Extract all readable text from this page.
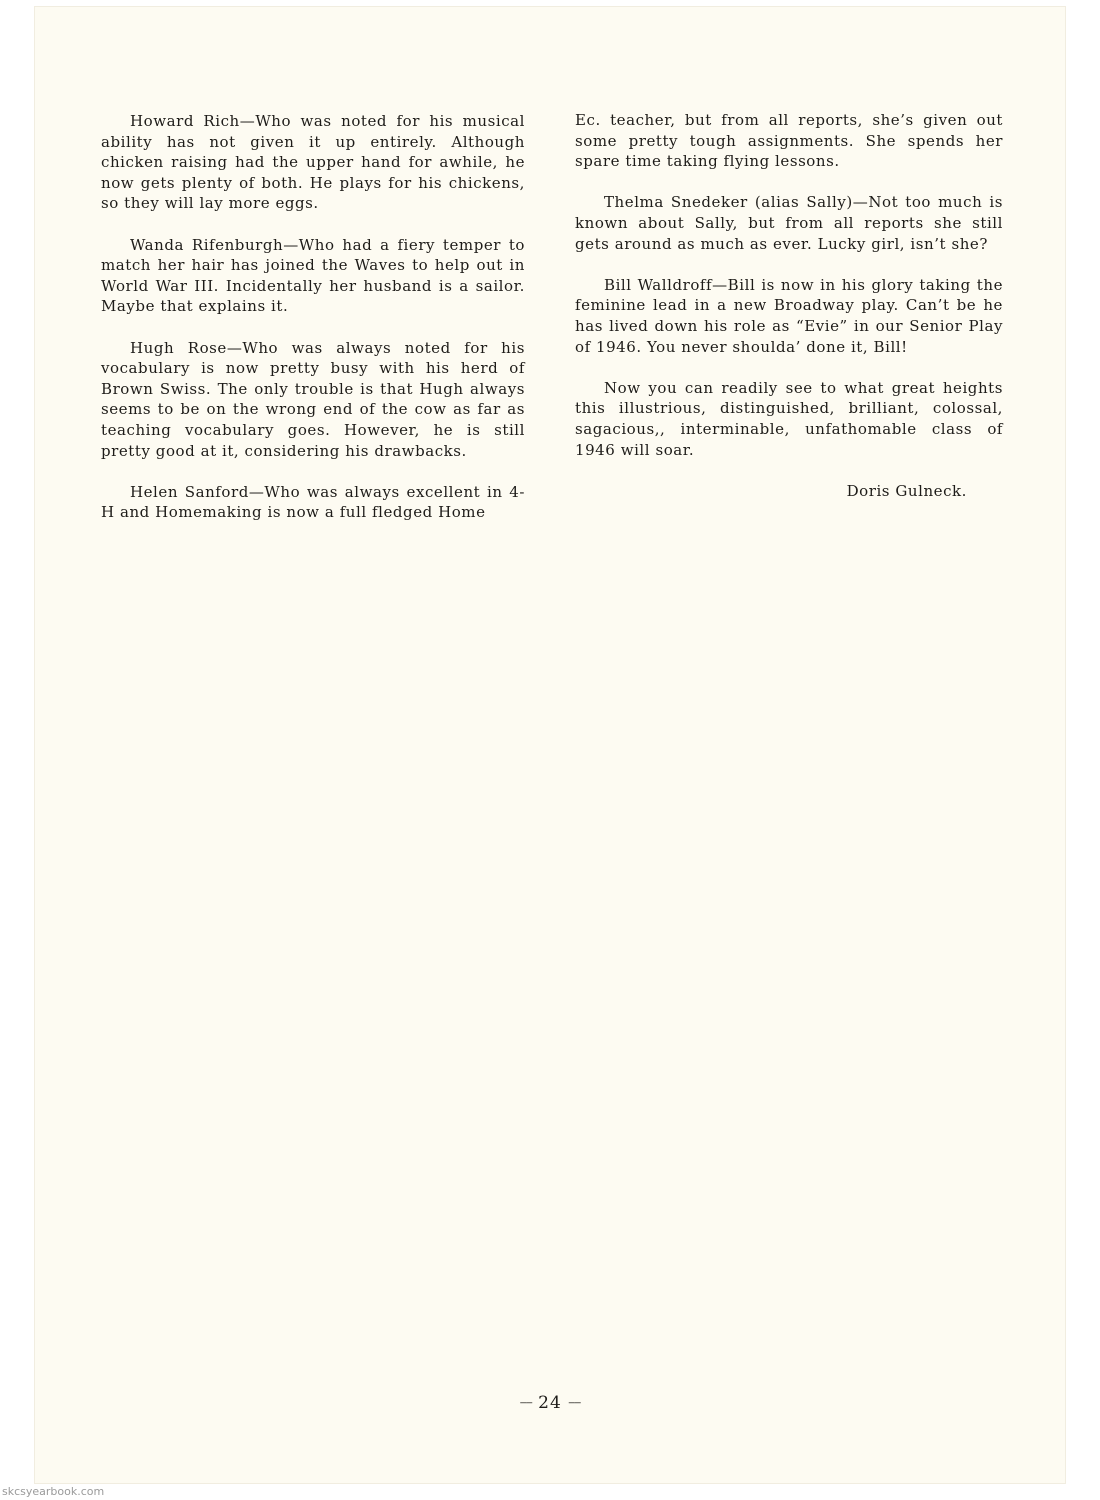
Howard Rich—Who was noted for his musical ability has not given it up entirely. Although chicken raising had the upper hand for awhile, he now gets plenty of both. He plays for his chickens, so they will lay more eggs.

Wanda Rifenburgh—Who had a fiery temper to match her hair has joined the Waves to help out in World War III. Incidentally her husband is a sailor. Maybe that explains it.

Hugh Rose—Who was always noted for his vocabulary is now pretty busy with his herd of Brown Swiss. The only trouble is that Hugh always seems to be on the wrong end of the cow as far as teaching vocabulary goes. However, he is still pretty good at it, considering his drawbacks.

Helen Sanford—Who was always excellent in 4-H and Homemaking is now a full fledged Home

Ec. teacher, but from all reports, she’s given out some pretty tough assignments. She spends her spare time taking flying lessons.

Thelma Snedeker (alias Sally)—Not too much is known about Sally, but from all reports she still gets around as much as ever. Lucky girl, isn’t she?

Bill Walldroff—Bill is now in his glory taking the feminine lead in a new Broadway play. Can’t be he has lived down his role as “Evie” in our Senior Play of 1946. You never shoulda’ done it, Bill!

Now you can readily see to what great heights this illustrious, distinguished, brilliant, colossal, sagacious,, interminable, unfathomable class of 1946 will soar.

Doris Gulneck.

‒‒ 24 ‒‒
skcsyearbook.com
